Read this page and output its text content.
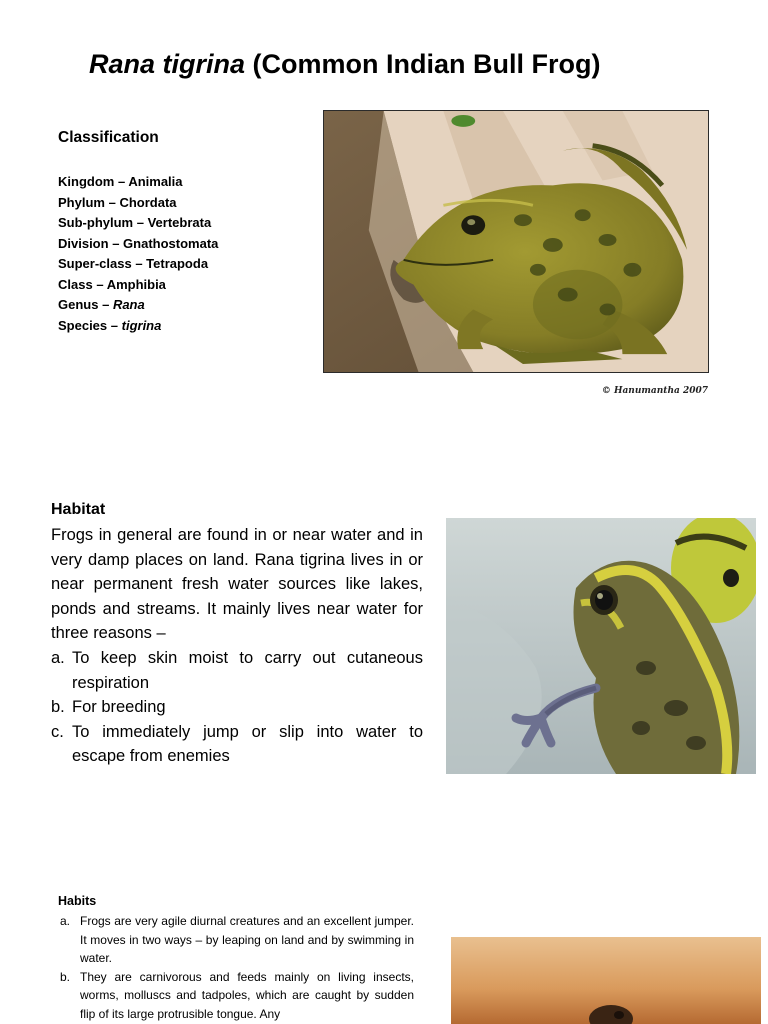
Rana tigrina (Common Indian Bull Frog)
Classification
Kingdom – Animalia
Phylum – Chordata
Sub-phylum – Vertebrata
Division – Gnathostomata
Super-class – Tetrapoda
Class – Amphibia
Genus – Rana
Species – tigrina
© Hanumantha 2007
Habitat

Frogs in general are found in or near water and in very damp places on land. Rana tigrina lives in or near permanent fresh water sources like lakes, ponds and streams. It mainly lives near water for three reasons –

a. To keep skin moist to carry out cutaneous respiration
b. For breeding
c. To immediately jump or slip into water to escape from enemies
Habits
a. Frogs are very agile diurnal creatures and an excellent jumper. It moves in two ways – by leaping on land and by swimming in water.
b. They are carnivorous and feeds mainly on living insects, worms, molluscs and tadpoles, which are caught by sudden flip of its large protrusible tongue. Any
